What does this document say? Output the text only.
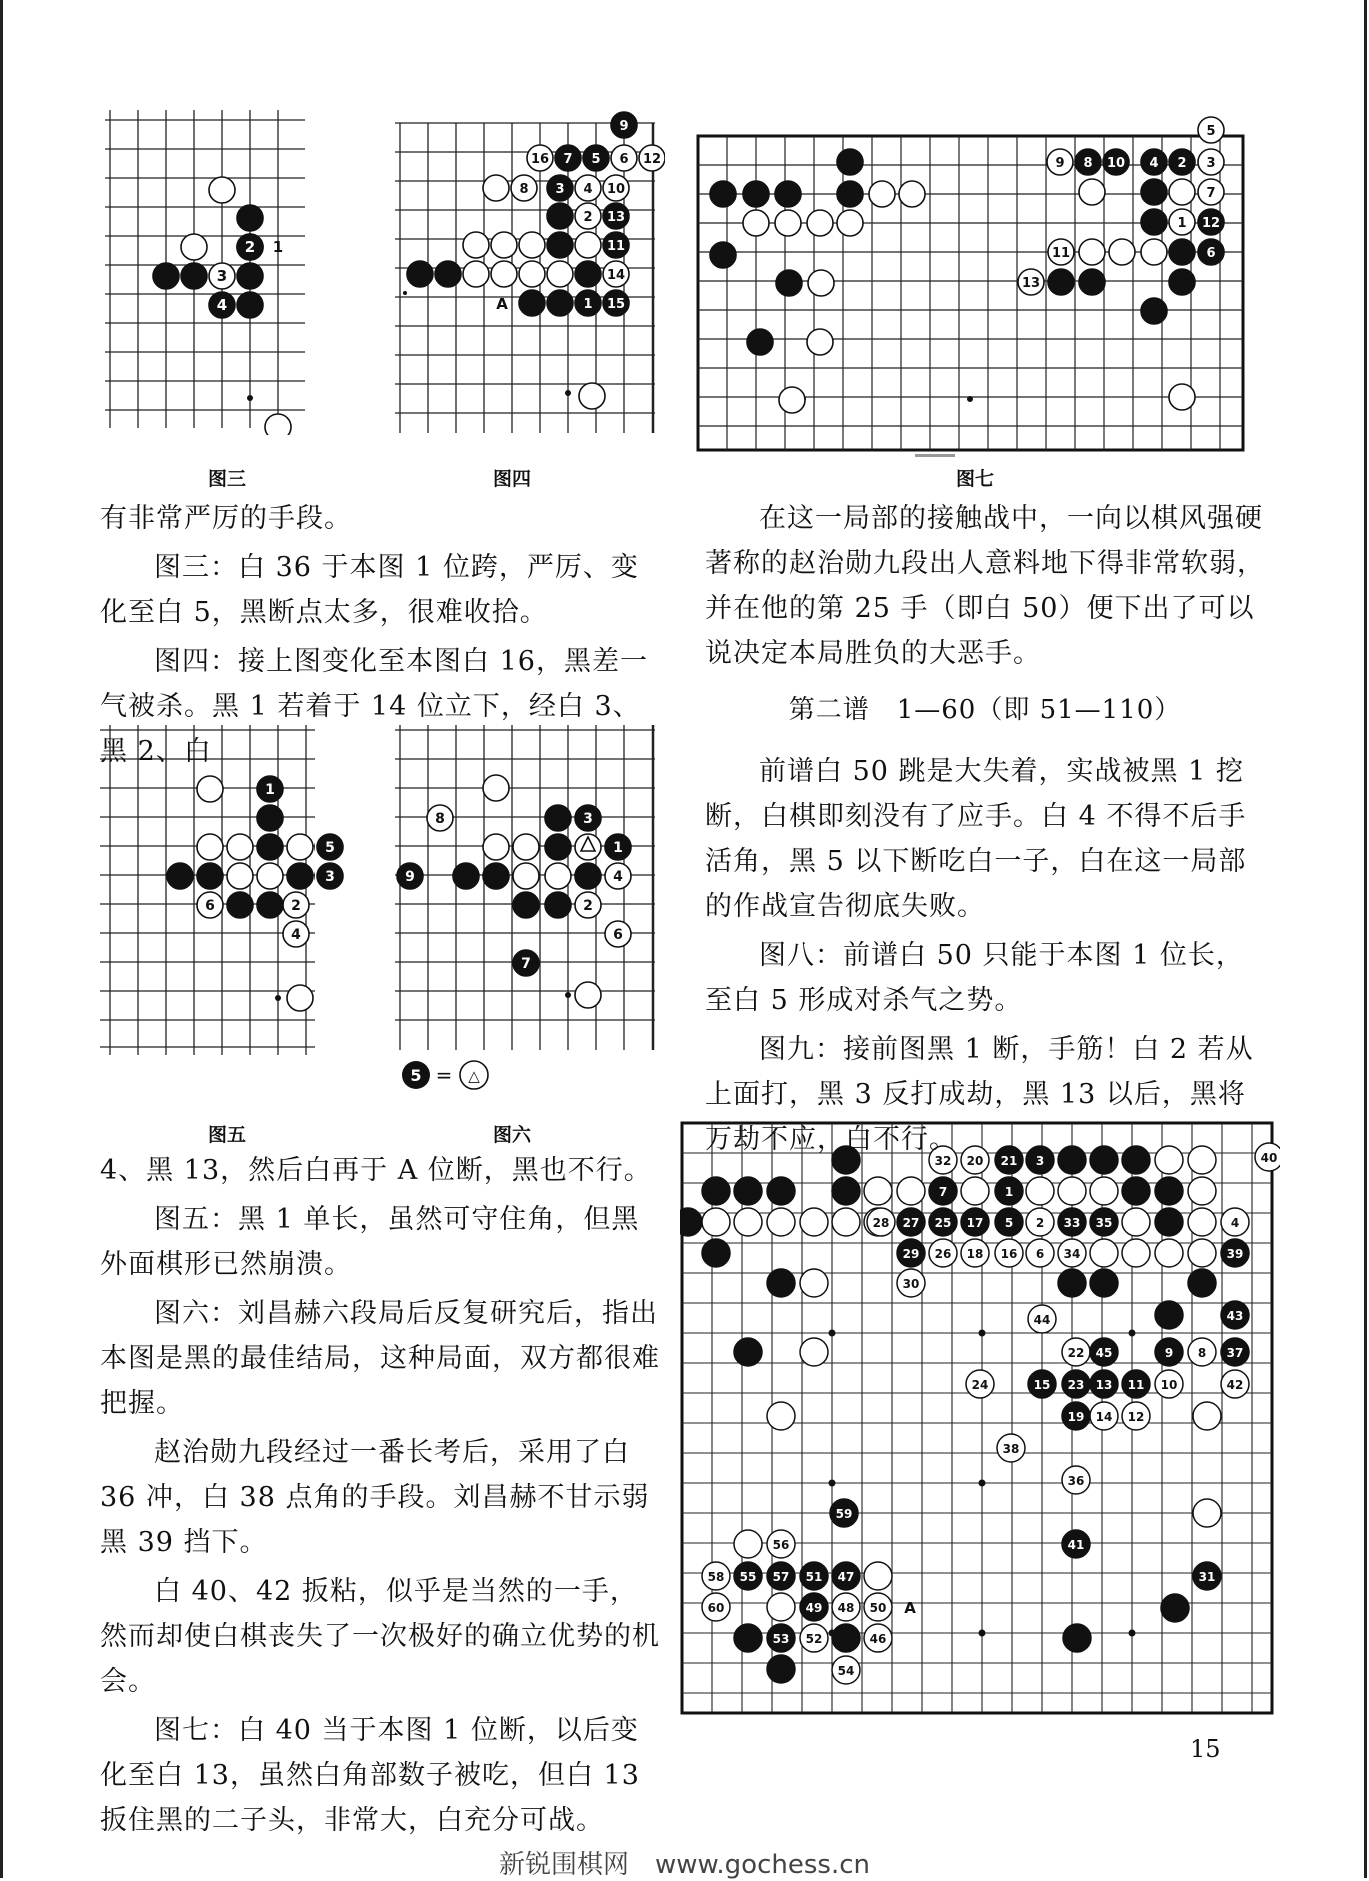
2 1
3 5
4
图三
9
16 7 5 6 12
8 3 4 10
2 13
11
14
1 15
A
图四
5
9 8 10 4 2 3
7
1 12
6
11
13
图七
1
2
6
4
5
3
图五
8	3
1
9	4
2
6
7
5 = △
图六
32 20 21 3	40
7	1
28 27 25 17 5 2 33 35	4
29 26 18 16 6 34	39
30
44	43
22 45	9 8 37
24	15 23 13 11 10	42
19 14 12
38
36
59
56	41
31
58 55 57 51 47
60	49 48 50
53 52	46
54
A

有非常严厉的手段。

图三：白 36 于本图 1 位跨，严厉、变化至白 5，黑断点太多，很难收拾。

图四：接上图变化至本图白 16，黑差一气被杀。黑 1 若着于 14 位立下，经白 3、黑 2、白

4、黑 13，然后白再于 A 位断，黑也不行。

图五：黑 1 单长，虽然可守住角，但黑外面棋形已然崩溃。

图六：刘昌赫六段局后反复研究后，指出本图是黑的最佳结局，这种局面，双方都很难把握。

赵治勋九段经过一番长考后，采用了白 36 冲，白 38 点角的手段。刘昌赫不甘示弱黑 39 挡下。

白 40、42 扳粘，似乎是当然的一手，然而却使白棋丧失了一次极好的确立优势的机会。

图七：白 40 当于本图 1 位断，以后变化至白 13，虽然白角部数子被吃，但白 13 扳住黑的二子头，非常大，白充分可战。

在这一局部的接触战中，一向以棋风强硬著称的赵治勋九段出人意料地下得非常软弱，并在他的第 25 手（即白 50）便下出了可以说决定本局胜负的大恶手。

第二谱　1—60（即 51—110）

前谱白 50 跳是大失着，实战被黑 1 挖断，白棋即刻没有了应手。白 4 不得不后手活角，黑 5 以下断吃白一子，白在这一局部的作战宣告彻底失败。

图八：前谱白 50 只能于本图 1 位长，至白 5 形成对杀气之势。

图九：接前图黑 1 断，手筋！白 2 若从上面打，黑 3 反打成劫，黑 13 以后，黑将万劫不应，白不行。

15
新锐围棋网　www.gochess.cn
